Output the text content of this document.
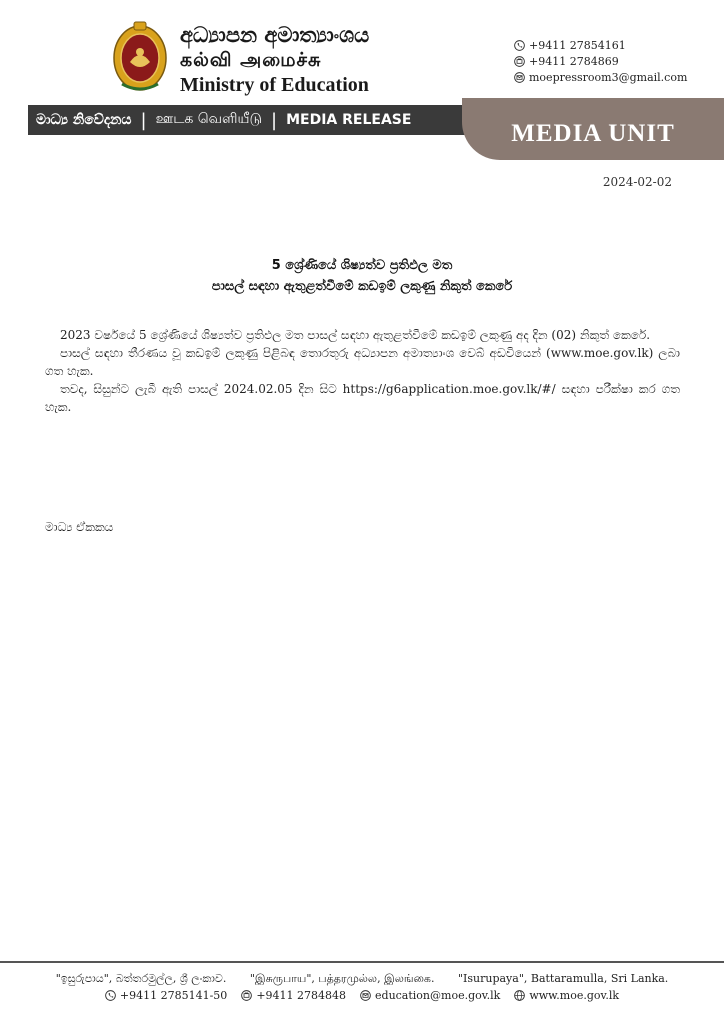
අධ්‍යාපන අමාත්‍යාංශය
கல்வி அமைச்சு
Ministry of Education
+9411 27854161
+9411 2784869
moepressroom3@gmail.com
මාධ්‍ය නිවේදනය | ஊடக வெளியீடு | MEDIA RELEASE	MEDIA UNIT
2024-02-02
5 ශ්‍රේණියේ ශිෂ්‍යත්ව ප්‍රතිඵල මත
පාසල් සඳහා ඇතුළත්වීමේ කඩඉම් ලකුණු නිකුත් කෙරේ

2023 වර්ෂයේ 5 ශ්‍රේණියේ ශිෂ්‍යත්ව ප්‍රතිඵල මත පාසල් සඳහා ඇතුළත්වීමේ කඩඉම් ලකුණු අද දින (02) නිකුත් කෙරේ.

පාසල් සඳහා තීරණය වූ කඩඉම් ලකුණු පිළිබඳ තොරතුරු අධ්‍යාපන අමාත්‍යාංශ වෙබ් අඩවියෙන් (www.moe.gov.lk) ලබා ගත හැක.

තවද, සිසුන්ට ලැබී ඇති පාසල් 2024.02.05 දින සිට https://g6application.moe.gov.lk/#/ සඳහා පරීක්ෂා කර ගත හැක.

මාධ්‍ය ඒකකය
"ඉසුරුපාය", බත්තරමුල්ල, ශ්‍රී ලංකාව. "இசுருபாய", பத்தரமுல்ல, இலங்கை. "Isurupaya", Battaramulla, Sri Lanka.
+9411 2785141-50	+9411 2784848	education@moe.gov.lk	www.moe.gov.lk
